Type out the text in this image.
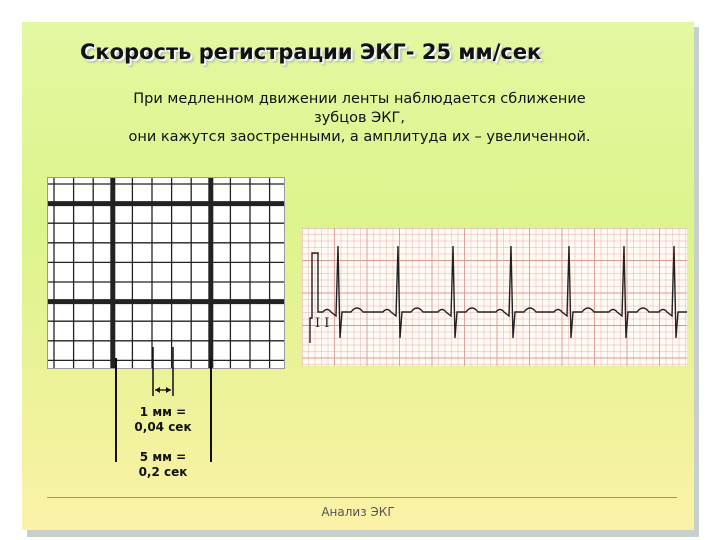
Скорость регистрации ЭКГ- 25 мм/сек
При медленном движении ленты наблюдается сближение
зубцов ЭКГ,
они кажутся заостренными, а амплитуда их – увеличенной.
I I
1 мм =
0,04 сек
5 мм =
0,2 сек
Анализ ЭКГ
